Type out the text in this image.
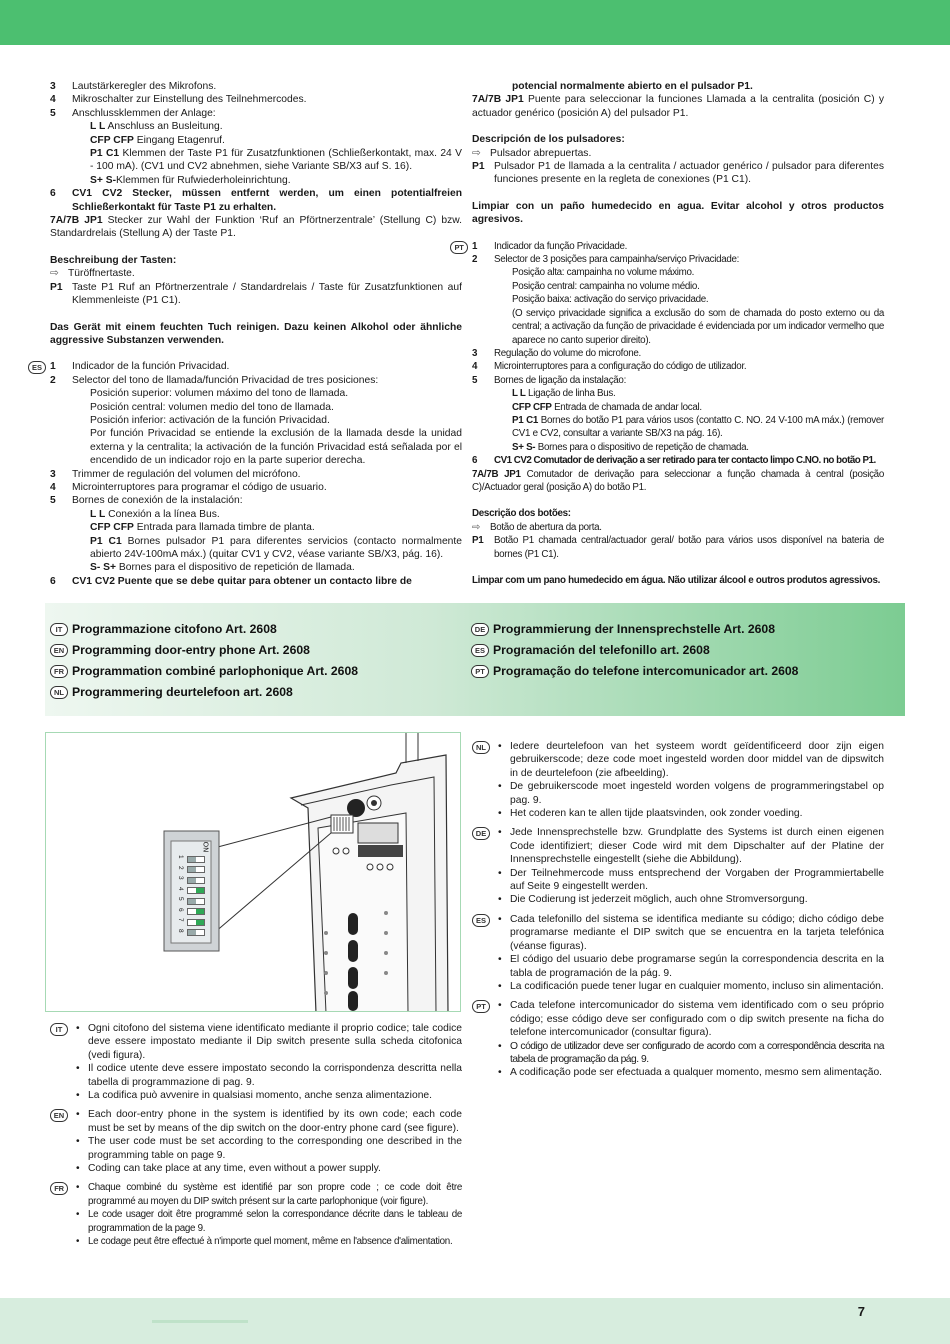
3	Lautstärkeregler des Mikrofons.
4	Mikroschalter zur Einstellung des Teilnehmercodes.
5	Anschlussklemmen der Anlage:
L L Anschluss an Busleitung.
CFP CFP Eingang Etagenruf.
P1 C1 Klemmen der Taste P1 für Zusatzfunktionen (Schließerkontakt, max. 24 V - 100 mA). (CV1 und CV2 abnehmen, siehe Variante SB/X3 auf S. 16).
S+ S-Klemmen für Rufwiederholeinrichtung.
6	CV1 CV2 Stecker, müssen entfernt werden, um einen potentialfreien Schließerkontakt für Taste P1 zu erhalten.
7A/7B JP1 Stecker zur Wahl der Funktion ‘Ruf an Pförtnerzentrale’ (Stellung C) bzw. Standardrelais (Stellung A) der Taste P1.
Beschreibung der Tasten:
⇨ Türöffnertaste.
P1 Taste P1 Ruf an Pförtnerzentrale / Standardrelais / Taste für Zusatzfunktionen auf Klemmenleiste (P1 C1).
Das Gerät mit einem feuchten Tuch reinigen. Dazu keinen Alkohol oder ähnliche aggressive Substanzen verwenden.
ES 1	Indicador de la función Privacidad.
2	Selector del tono de llamada/función Privacidad de tres posiciones:
Posición superior: volumen máximo del tono de llamada.
Posición central: volumen medio del tono de llamada.
Posición inferior: activación de la función Privacidad.
Por función Privacidad se entiende la exclusión de la llamada desde la unidad externa y la centralita; la activación de la función Privacidad está señalada por el encendido de un indicador rojo en la parte superior derecha.
3	Trimmer de regulación del volumen del micrófono.
4	Microinterruptores para programar el código de usuario.
5	Bornes de conexión de la instalación:
L L Conexión a la línea Bus.
CFP CFP Entrada para llamada timbre de planta.
P1 C1 Bornes pulsador P1 para diferentes servicios (contacto normalmente abierto 24V-100mA máx.) (quitar CV1 y CV2, véase variante SB/X3, pág. 16).
S- S+ Bornes para el dispositivo de repetición de llamada.
6	CV1 CV2 Puente que se debe quitar para obtener un contacto libre de
potencial normalmente abierto en el pulsador P1.
7A/7B JP1 Puente para seleccionar la funciones Llamada a la centralita (posición C) y actuador genérico (posición A) del pulsador P1.
Descripción de los pulsadores:
⇨ Pulsador abrepuertas.
P1 Pulsador P1 de llamada a la centralita / actuador genérico / pulsador para diferentes funciones presente en la regleta de conexiones (P1 C1).
Limpiar con un paño humedecido en agua. Evitar alcohol y otros productos agresivos.
PT 1	Indicador da função Privacidade.
2	Selector de 3 posições para campainha/serviço Privacidade:
Posição alta: campainha no volume máximo.
Posição central: campainha no volume médio.
Posição baixa: activação do serviço privacidade.
(O serviço privacidade significa a exclusão do som de chamada do posto externo ou da central; a activação da função de privacidade é evidenciada por um indicador vermelho que aparece no canto superior direito).
3	Regulação do volume do microfone.
4	Microinterruptores para a configuração do código de utilizador.
5	Bornes de ligação da instalação:
L L Ligação de linha Bus.
CFP CFP Entrada de chamada de andar local.
P1 C1 Bornes do botão P1 para vários usos (contatto C. NO. 24 V-100 mA máx.) (remover CV1 e CV2, consultar a variante SB/X3 na pág. 16).
S+ S- Bornes para o dispositivo de repetição de chamada.
6	CV1 CV2 Comutador de derivação a ser retirado para ter contacto limpo C.NO. no botão P1.
7A/7B JP1 Comutador de derivação para seleccionar a função chamada à central (posição C)/Actuador geral (posição A) do botão P1.
Descrição dos botões:
⇨	Botão de abertura da porta.
P1	Botão P1 chamada central/actuador geral/ botão para vários usos disponível na bateria de bornes (P1 C1).
Limpar com um pano humedecido em água. Não utilizar álcool e outros produtos agressivos.
IT Programmazione citofono Art. 2608
EN Programming door-entry phone Art. 2608
FR Programmation combiné parlophonique Art. 2608
NL Programmering deurtelefoon art. 2608
DE Programmierung der Innensprechstelle Art. 2608
ES Programación del telefonillo art. 2608
PT Programação do telefone intercomunicador art. 2608
ON
1
2
3
4
5
6
7
8
IT	• Ogni citofono del sistema viene identificato mediante il proprio codice; tale codice deve essere impostato mediante il Dip switch presente sulla scheda citofonica (vedi figura).
• Il codice utente deve essere impostato secondo la corrispondenza descritta nella tabella di programmazione di pag. 9.
• La codifica può avvenire in qualsiasi momento, anche senza alimentazione.
EN	• Each door-entry phone in the system is identified by its own code; each code must be set by means of the dip switch on the door-entry phone card (see figure).
• The user code must be set according to the corresponding one described in the programming table on page 9.
• Coding can take place at any time, even without a power supply.
FR	• Chaque combiné du système est identifié par son propre code ; ce code doit être programmé au moyen du DIP switch présent sur la carte parlophonique (voir figure).
• Le code usager doit être programmé selon la correspondance décrite dans le tableau de programmation de la page 9.
• Le codage peut être effectué à n'importe quel moment, même en l'absence d'alimentation.
NL	• Iedere deurtelefoon van het systeem wordt geïdentificeerd door zijn eigen gebruikerscode; deze code moet ingesteld worden door middel van de dipswitch in de deurtelefoon (zie afbeelding).
• De gebruikerscode moet ingesteld worden volgens de programmeringstabel op pag. 9.
• Het coderen kan te allen tijde plaatsvinden, ook zonder voeding.
DE	• Jede Innensprechstelle bzw. Grundplatte des Systems ist durch einen eigenen Code identifiziert; dieser Code wird mit dem Dipschalter auf der Platine der Innensprechstelle eingestellt (siehe die Abbildung).
• Der Teilnehmercode muss entsprechend der Vorgaben der Programmiertabelle auf Seite 9 eingestellt werden.
• Die Codierung ist jederzeit möglich, auch ohne Stromversorgung.
ES	• Cada telefonillo del sistema se identifica mediante su código; dicho código debe programarse mediante el DIP switch que se encuentra en la tarjeta telefónica (véanse figuras).
• El código del usuario debe programarse según la correspondencia descrita en la tabla de programación de la pág. 9.
• La codificación puede tener lugar en cualquier momento, incluso sin alimentación.
PT	• Cada telefone intercomunicador do sistema vem identificado com o seu próprio código; esse código deve ser configurado com o dip switch presente na ficha do telefone intercomunicador (consultar figura).
• O código de utilizador deve ser configurado de acordo com a correspondência descrita na tabela de programação da pág. 9.
• A codificação pode ser efectuada a qualquer momento, mesmo sem alimentação.
7
